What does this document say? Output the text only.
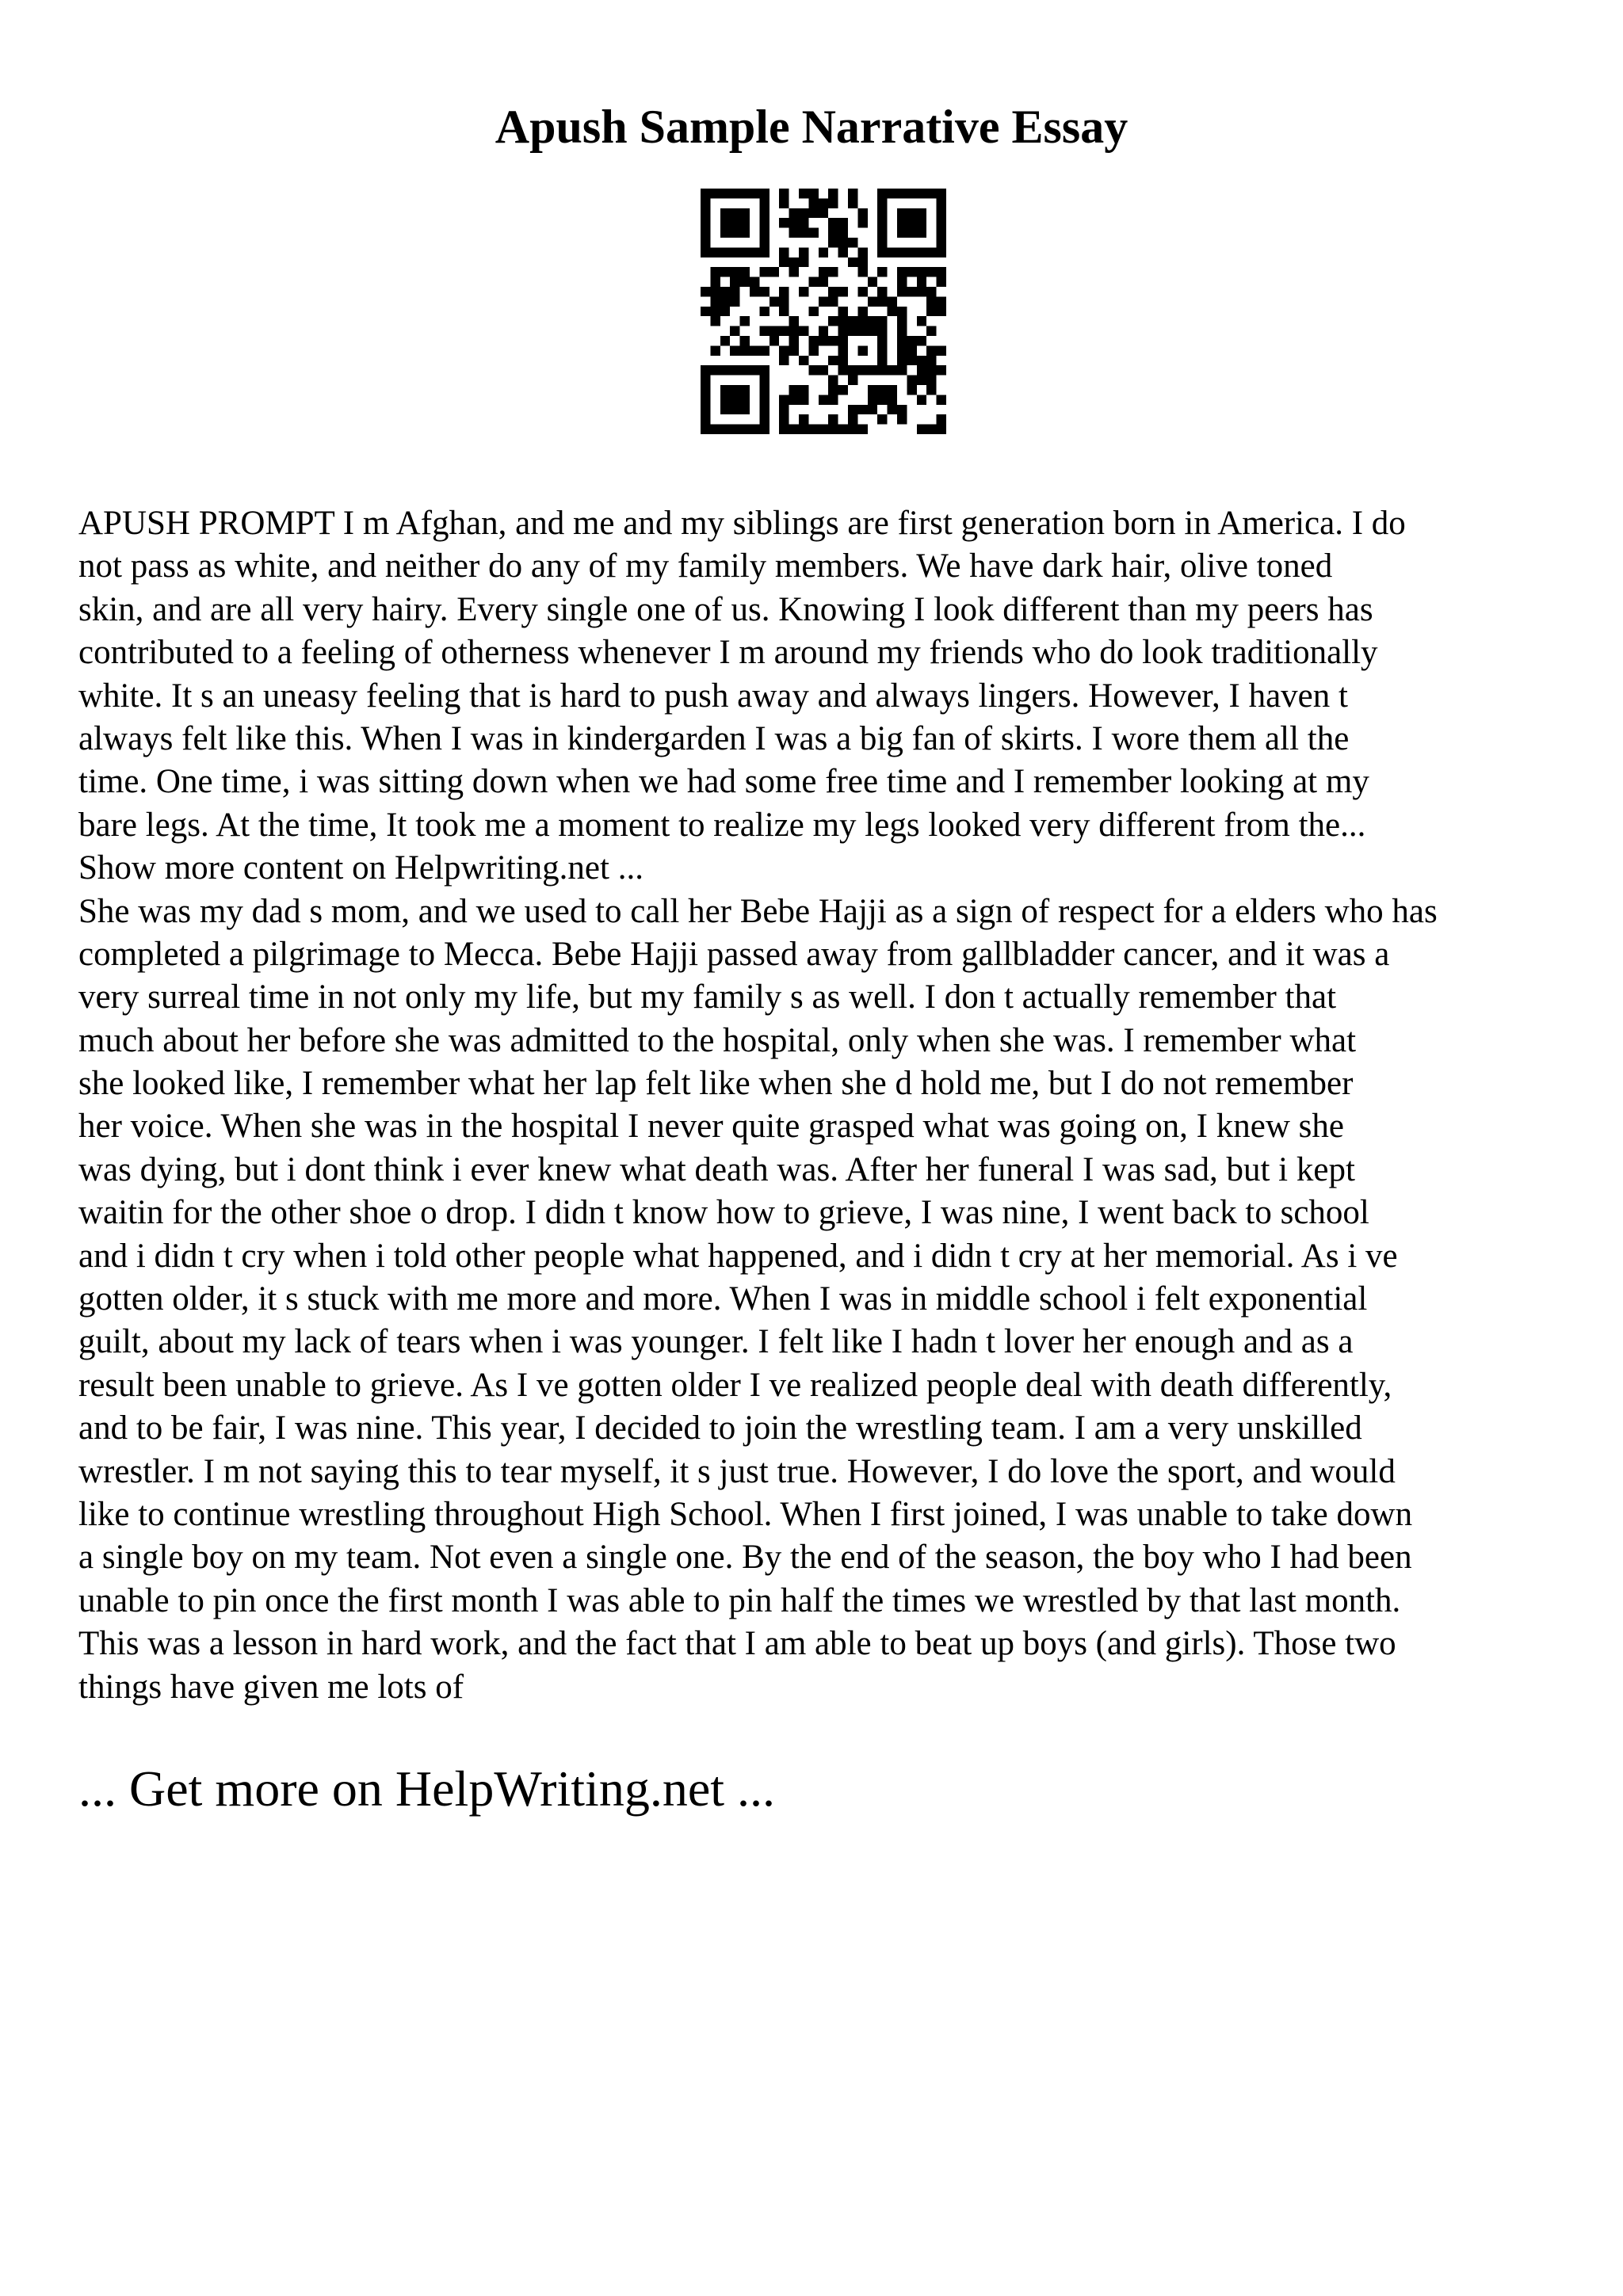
Apush Sample Narrative Essay
APUSH PROMPT I m Afghan, and me and my siblings are first generation born in America. I do
not pass as white, and neither do any of my family members. We have dark hair, olive toned
skin, and are all very hairy. Every single one of us. Knowing I look different than my peers has
contributed to a feeling of otherness whenever I m around my friends who do look traditionally
white. It s an uneasy feeling that is hard to push away and always lingers. However, I haven t
always felt like this. When I was in kindergarden I was a big fan of skirts. I wore them all the
time. One time, i was sitting down when we had some free time and I remember looking at my
bare legs. At the time, It took me a moment to realize my legs looked very different from the...
Show more content on Helpwriting.net ...
She was my dad s mom, and we used to call her Bebe Hajji as a sign of respect for a elders who has
completed a pilgrimage to Mecca. Bebe Hajji passed away from gallbladder cancer, and it was a
very surreal time in not only my life, but my family s as well. I don t actually remember that
much about her before she was admitted to the hospital, only when she was. I remember what
she looked like, I remember what her lap felt like when she d hold me, but I do not remember
her voice. When she was in the hospital I never quite grasped what was going on, I knew she
was dying, but i dont think i ever knew what death was. After her funeral I was sad, but i kept
waitin for the other shoe o drop. I didn t know how to grieve, I was nine, I went back to school
and i didn t cry when i told other people what happened, and i didn t cry at her memorial. As i ve
gotten older, it s stuck with me more and more. When I was in middle school i felt exponential
guilt, about my lack of tears when i was younger. I felt like I hadn t lover her enough and as a
result been unable to grieve. As I ve gotten older I ve realized people deal with death differently,
and to be fair, I was nine. This year, I decided to join the wrestling team. I am a very unskilled
wrestler. I m not saying this to tear myself, it s just true. However, I do love the sport, and would
like to continue wrestling throughout High School. When I first joined, I was unable to take down
a single boy on my team. Not even a single one. By the end of the season, the boy who I had been
unable to pin once the first month I was able to pin half the times we wrestled by that last month.
This was a lesson in hard work, and the fact that I am able to beat up boys (and girls). Those two
things have given me lots of
... Get more on HelpWriting.net ...
